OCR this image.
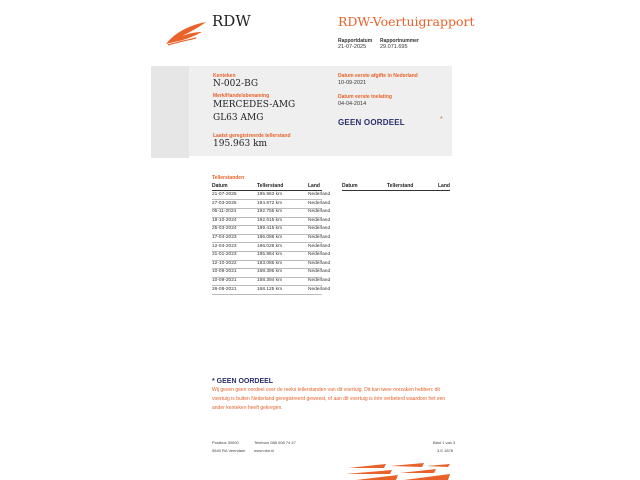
RDW	RDW-Voertuigrapport
Rapportdatum
21-07-2025
Rapportnummer
29.071.695
Kenteken
N-002-BG
Merk/Handelsbenaming
MERCEDES-AMG
GL63 AMG
Laatst geregistreerde tellerstand
195.963 km
Datum eerste afgifte in Nederland
10-09-2021
Datum eerste toelating
04-04-2014
GEEN OORDEEL	*
Tellerstanden
Datum	Tellerstand	Land	Datum	Tellerstand	Land
21-07-2025	195.963 km	Nederland
27-03-2025	194.872 km	Nederland
05-11-2024	192.755 km	Nederland
18-10-2024	192.615 km	Nederland
25-03-2024	189.415 km	Nederland
17-04-2023	186.086 km	Nederland
12-04-2023	186.028 km	Nederland
31-01-2023	185.864 km	Nederland
12-10-2022	183.085 km	Nederland
10-09-2021	168.395 km	Nederland
10-09-2021	168.394 km	Nederland
26-08-2021	168.125 km	Nederland
* GEEN OORDEEL
Wij geven geen oordeel over de reeks tellerstanden van dit voertuig. Dit kan twee oorzaken hebben: dit
voertuig is buiten Nederland geregistreerd geweest, of aan dit voertuig is één verbeterd waardoor het een
ander kenteken heeft gekregen.
Postbus 30000
9640 RA Veendam
Telefoon 088 008 74 47
www.rdw.nl
Blad 1 van 3
3.E.1878
